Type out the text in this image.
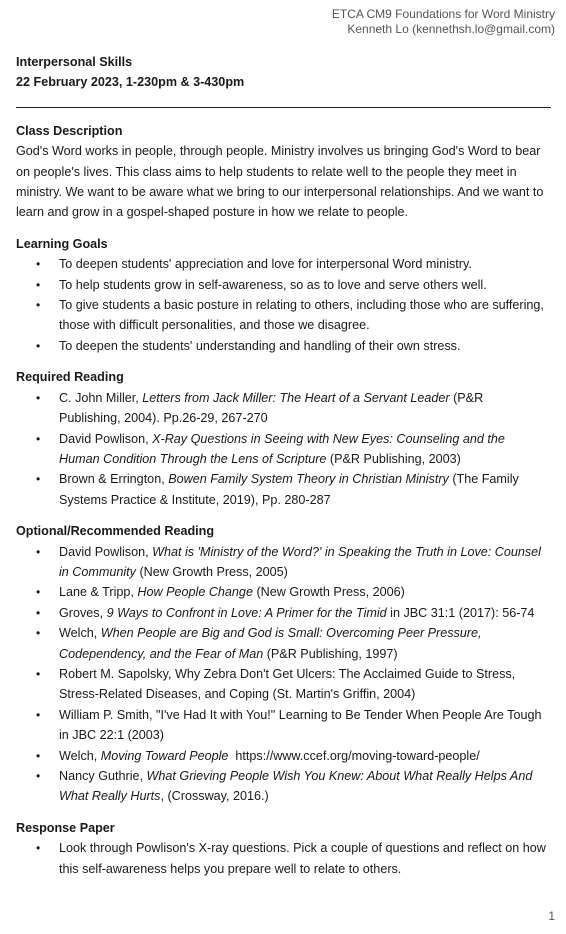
ETCA CM9 Foundations for Word Ministry
Kenneth Lo (kennethsh.lo@gmail.com)
Interpersonal Skills
22 February 2023, 1-230pm & 3-430pm
Class Description

God's Word works in people, through people. Ministry involves us bringing God's Word to bear on people's lives. This class aims to help students to relate well to the people they meet in ministry. We want to be aware what we bring to our interpersonal relationships. And we want to learn and grow in a gospel-shaped posture in how we relate to people.

Learning Goals
• To deepen students' appreciation and love for interpersonal Word ministry.
• To help students grow in self-awareness, so as to love and serve others well.
• To give students a basic posture in relating to others, including those who are suffering, those with difficult personalities, and those we disagree.
• To deepen the students' understanding and handling of their own stress.
Required Reading
• C. John Miller, Letters from Jack Miller: The Heart of a Servant Leader (P&R Publishing, 2004). Pp.26-29, 267-270
• David Powlison, X-Ray Questions in Seeing with New Eyes: Counseling and the Human Condition Through the Lens of Scripture (P&R Publishing, 2003)
• Brown & Errington, Bowen Family System Theory in Christian Ministry (The Family Systems Practice & Institute, 2019), Pp. 280-287
Optional/Recommended Reading
• David Powlison, What is 'Ministry of the Word?' in Speaking the Truth in Love: Counsel in Community (New Growth Press, 2005)
• Lane & Tripp, How People Change (New Growth Press, 2006)
• Groves, 9 Ways to Confront in Love: A Primer for the Timid in JBC 31:1 (2017): 56-74
• Welch, When People are Big and God is Small: Overcoming Peer Pressure, Codependency, and the Fear of Man (P&R Publishing, 1997)
• Robert M. Sapolsky, Why Zebra Don't Get Ulcers: The Acclaimed Guide to Stress, Stress-Related Diseases, and Coping (St. Martin's Griffin, 2004)
• William P. Smith, "I've Had It with You!" Learning to Be Tender When People Are Tough in JBC 22:1 (2003)
• Welch, Moving Toward People  https://www.ccef.org/moving-toward-people/
• Nancy Guthrie, What Grieving People Wish You Knew: About What Really Helps And What Really Hurts, (Crossway, 2016.)
Response Paper
• Look through Powlison's X-ray questions. Pick a couple of questions and reflect on how this self-awareness helps you prepare well to relate to others.
1
